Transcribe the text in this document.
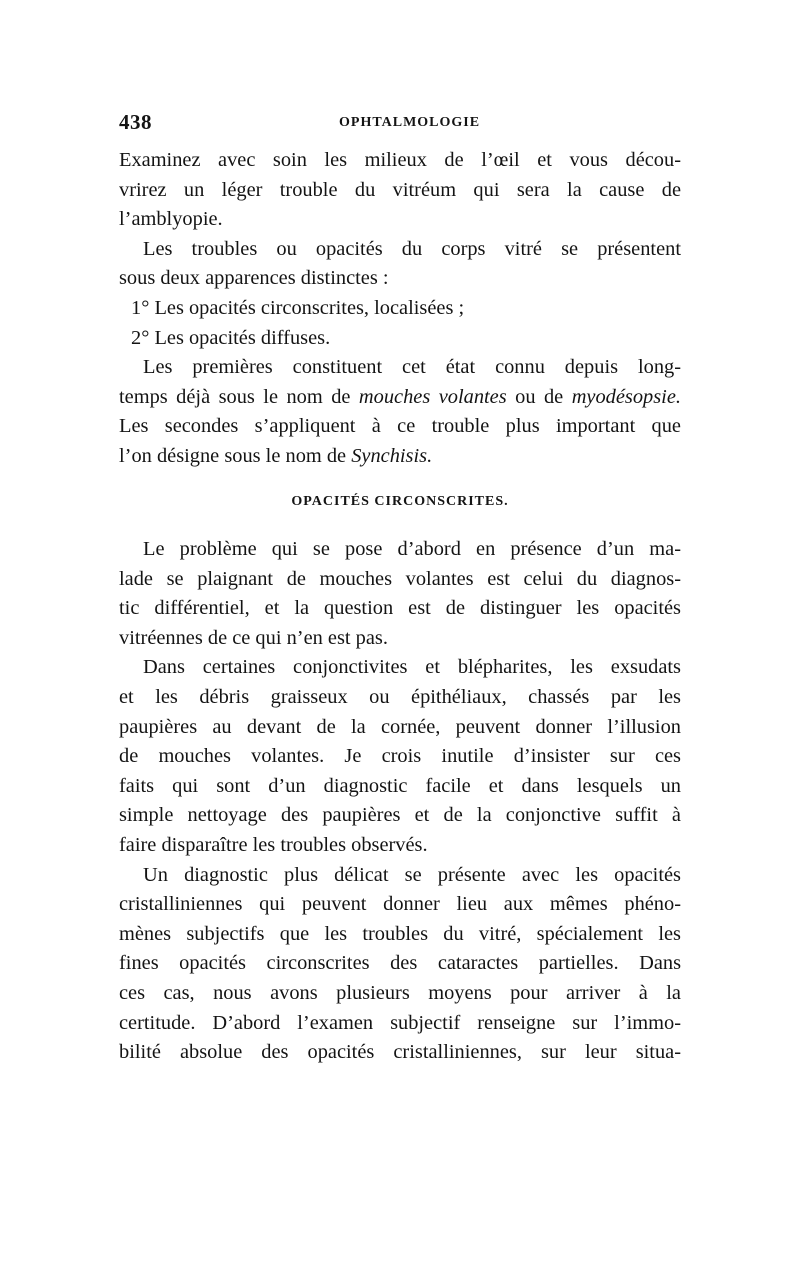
438	OPHTALMOLOGIE

Examinez avec soin les milieux de l’œil et vous décou-

vrirez un léger trouble du vitréum qui sera la cause de

l’amblyopie.

Les troubles ou opacités du corps vitré se présentent

sous deux apparences distinctes :

1° Les opacités circonscrites, localisées ;

2° Les opacités diffuses.

Les premières constituent cet état connu depuis long-

temps déjà sous le nom de mouches volantes ou de myodésopsie.

Les secondes s’appliquent à ce trouble plus important que

l’on désigne sous le nom de Synchisis.

OPACITÉS CIRCONSCRITES.

Le problème qui se pose d’abord en présence d’un ma-

lade se plaignant de mouches volantes est celui du diagnos-

tic différentiel, et la question est de distinguer les opacités

vitréennes de ce qui n’en est pas.

Dans certaines conjonctivites et blépharites, les exsudats

et les débris graisseux ou épithéliaux, chassés par les

paupières au devant de la cornée, peuvent donner l’illusion

de mouches volantes. Je crois inutile d’insister sur ces

faits qui sont d’un diagnostic facile et dans lesquels un

simple nettoyage des paupières et de la conjonctive suffit à

faire disparaître les troubles observés.

Un diagnostic plus délicat se présente avec les opacités

cristalliniennes qui peuvent donner lieu aux mêmes phéno-

mènes subjectifs que les troubles du vitré, spécialement les

fines opacités circonscrites des cataractes partielles. Dans

ces cas, nous avons plusieurs moyens pour arriver à la

certitude. D’abord l’examen subjectif renseigne sur l’immo-

bilité absolue des opacités cristalliniennes, sur leur situa-
